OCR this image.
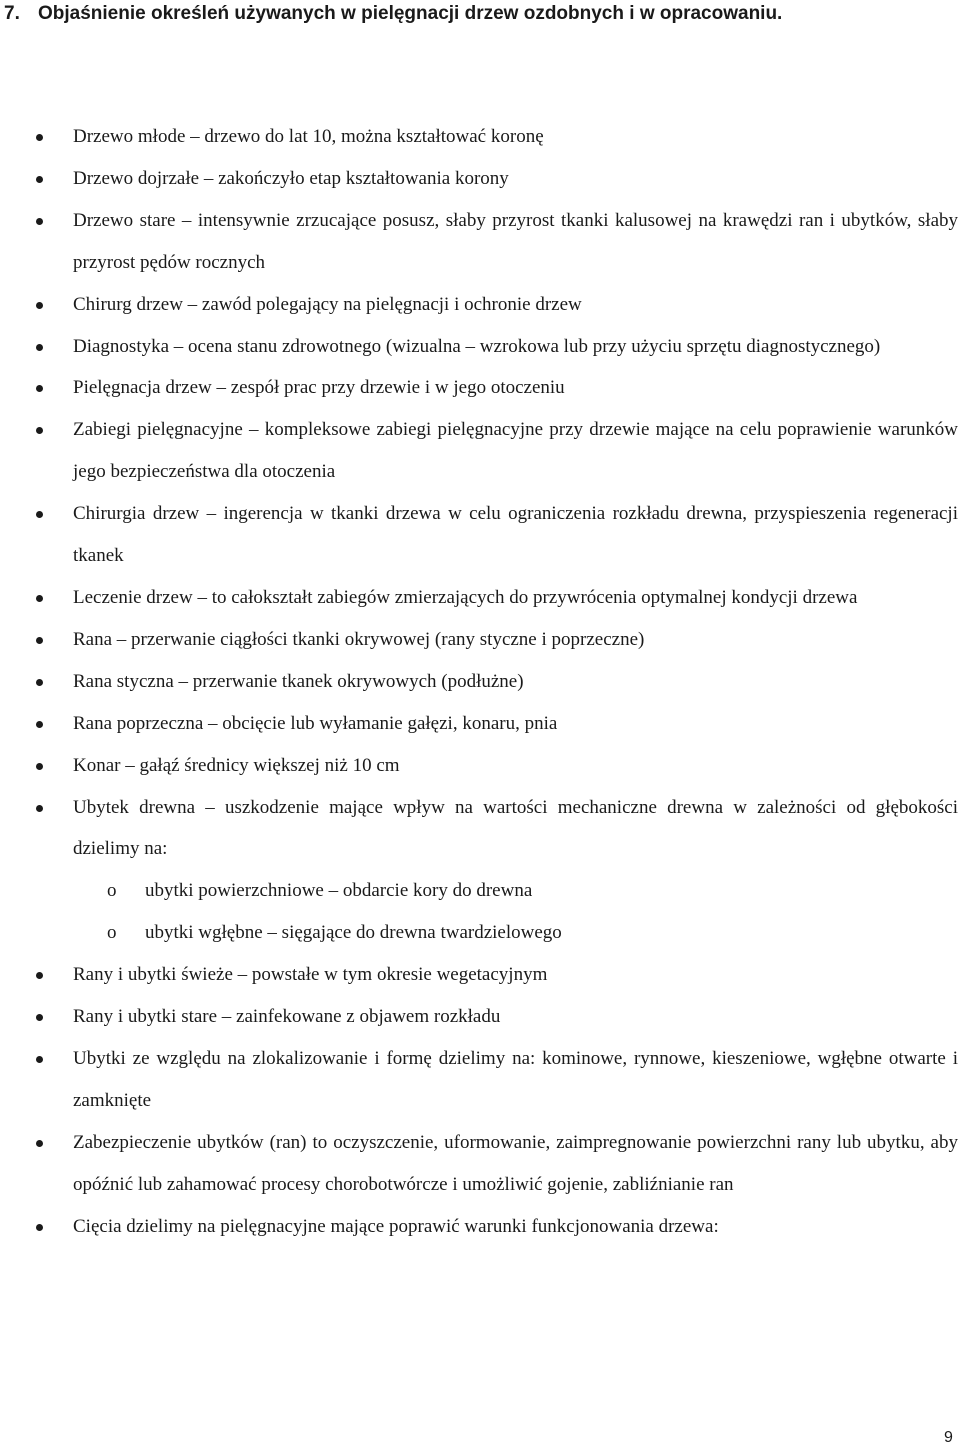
7. Objaśnienie określeń używanych w pielęgnacji drzew ozdobnych i w opracowaniu.
Drzewo młode – drzewo do lat 10, można kształtować koronę
Drzewo dojrzałe – zakończyło etap kształtowania korony
Drzewo stare – intensywnie zrzucające posusz, słaby przyrost tkanki kalusowej na krawędzi ran i ubytków, słaby przyrost pędów rocznych
Chirurg drzew – zawód polegający na pielęgnacji i ochronie drzew
Diagnostyka – ocena stanu zdrowotnego (wizualna – wzrokowa lub przy użyciu sprzętu diagnostycznego)
Pielęgnacja drzew – zespół prac przy drzewie i w jego otoczeniu
Zabiegi pielęgnacyjne – kompleksowe zabiegi pielęgnacyjne przy drzewie mające na celu poprawienie warunków jego bezpieczeństwa dla otoczenia
Chirurgia drzew – ingerencja w tkanki drzewa w celu ograniczenia rozkładu drewna, przyspieszenia regeneracji tkanek
Leczenie drzew – to całokształt zabiegów zmierzających do przywrócenia optymalnej kondycji drzewa
Rana – przerwanie ciągłości tkanki okrywowej (rany styczne i poprzeczne)
Rana styczna – przerwanie tkanek okrywowych (podłużne)
Rana poprzeczna – obcięcie lub wyłamanie gałęzi, konaru, pnia
Konar – gałąź średnicy większej niż 10 cm
Ubytek drewna – uszkodzenie mające wpływ na wartości mechaniczne drewna w zależności od głębokości dzielimy na:
o ubytki powierzchniowe – obdarcie kory do drewna
o ubytki wgłębne – sięgające do drewna twardzielowego
Rany i ubytki świeże – powstałe w tym okresie wegetacyjnym
Rany i ubytki stare – zainfekowane z objawem rozkładu
Ubytki ze względu na zlokalizowanie i formę dzielimy na: kominowe, rynnowe, kieszeniowe, wgłębne otwarte i zamknięte
Zabezpieczenie ubytków (ran) to oczyszczenie, uformowanie, zaimpregnowanie powierzchni rany lub ubytku, aby opóźnić lub zahamować procesy chorobotwórcze i umożliwić gojenie, zabliźnianie ran
Cięcia dzielimy na pielęgnacyjne mające poprawić warunki funkcjonowania drzewa:
9
